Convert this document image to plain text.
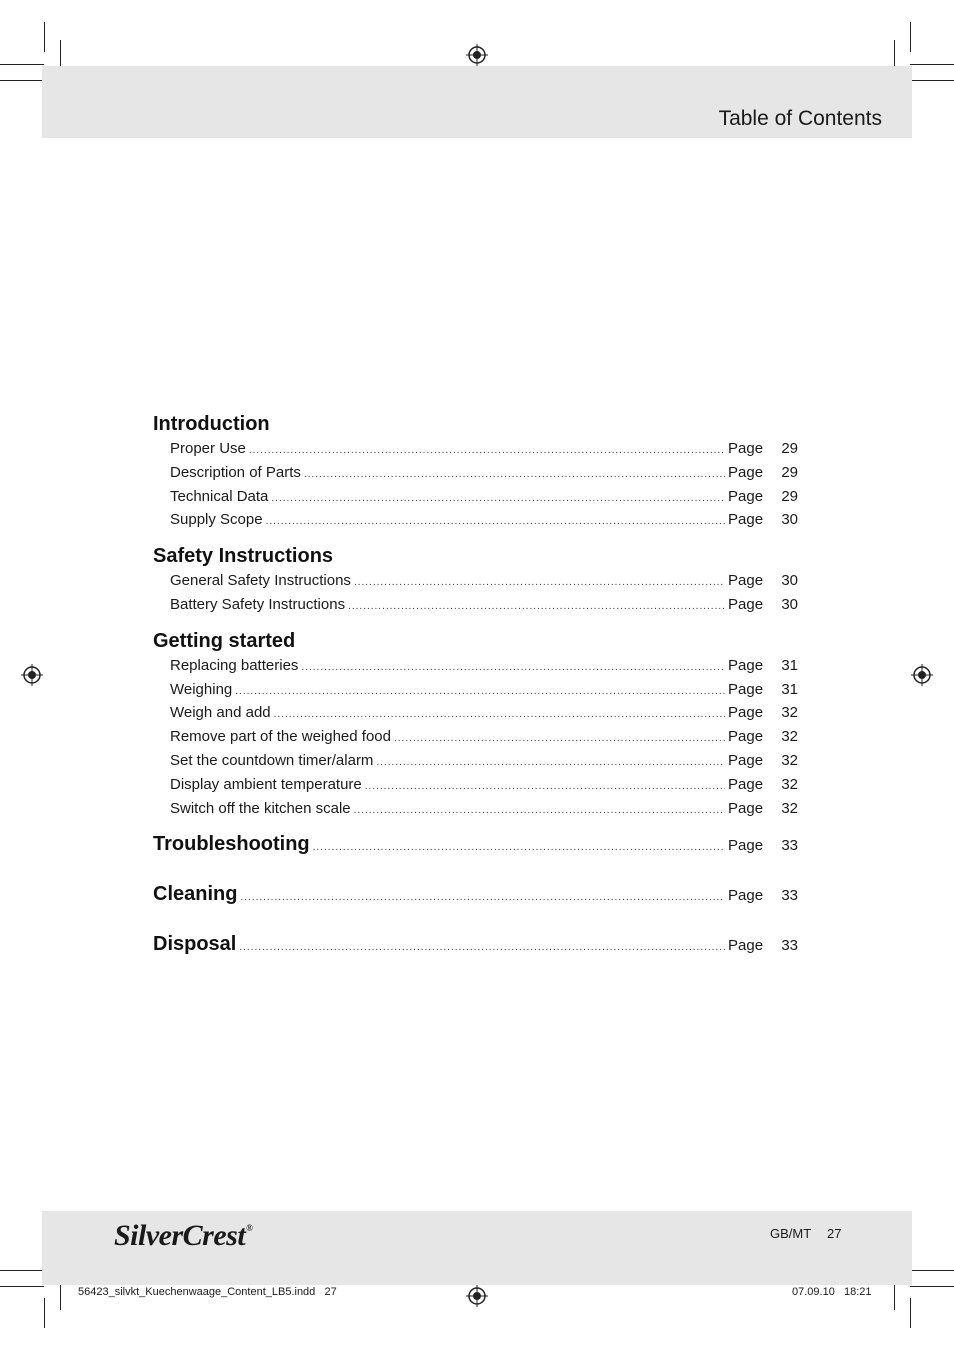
Table of Contents
Introduction
Proper Use .....	Page	29
Description of Parts .....	Page	29
Technical Data .....	Page	29
Supply Scope .....	Page	30
Safety Instructions
General Safety Instructions .....	Page	30
Battery Safety Instructions .....	Page	30
Getting started
Replacing batteries .....	Page	31
Weighing .....	Page	31
Weigh and add .....	Page	32
Remove part of the weighed food .....	Page	32
Set the countdown timer/alarm .....	Page	32
Display ambient temperature .....	Page	32
Switch off the kitchen scale .....	Page	32
Troubleshooting .....	Page	33
Cleaning .....	Page	33
Disposal .....	Page	33
SilverCrest®	GB/MT 27
56423_silvkt_Kuechenwaage_Content_LB5.indd   27	07.09.10   18:21
